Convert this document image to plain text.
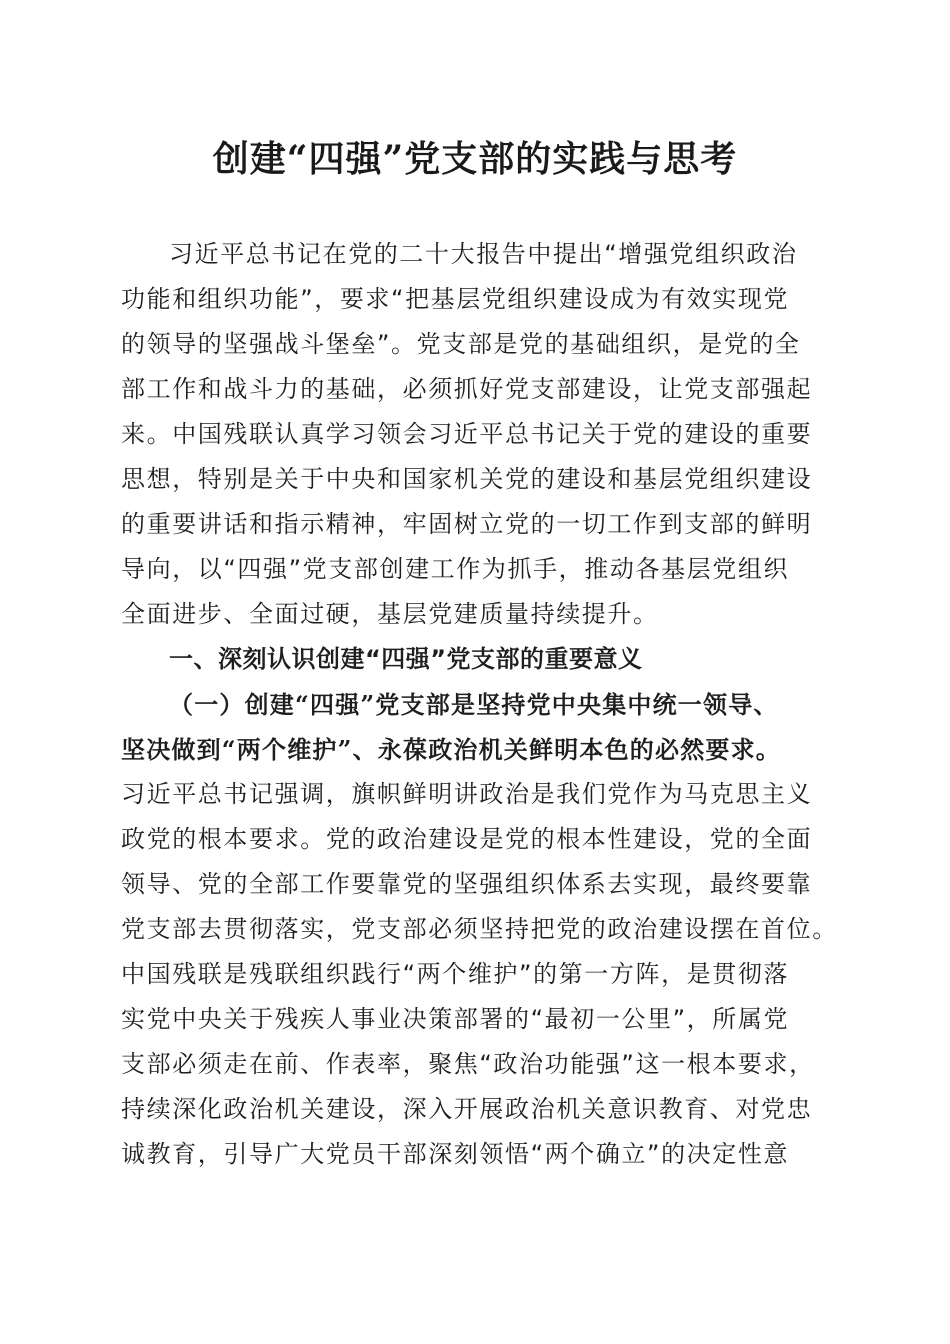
创建“四强”党支部的实践与思考
习近平总书记在党的二十大报告中提出“增强党组织政治
功能和组织功能”，要求“把基层党组织建设成为有效实现党
的领导的坚强战斗堡垒”。党支部是党的基础组织，是党的全
部工作和战斗力的基础，必须抓好党支部建设，让党支部强起
来。中国残联认真学习领会习近平总书记关于党的建设的重要
思想，特别是关于中央和国家机关党的建设和基层党组织建设
的重要讲话和指示精神，牢固树立党的一切工作到支部的鲜明
导向，以“四强”党支部创建工作为抓手，推动各基层党组织
全面进步、全面过硬，基层党建质量持续提升。
一、深刻认识创建“四强”党支部的重要意义
（一）创建“四强”党支部是坚持党中央集中统一领导、
坚决做到“两个维护”、永葆政治机关鲜明本色的必然要求。
习近平总书记强调，旗帜鲜明讲政治是我们党作为马克思主义
政党的根本要求。党的政治建设是党的根本性建设，党的全面
领导、党的全部工作要靠党的坚强组织体系去实现，最终要靠
党支部去贯彻落实，党支部必须坚持把党的政治建设摆在首位。
中国残联是残联组织践行“两个维护”的第一方阵，是贯彻落
实党中央关于残疾人事业决策部署的“最初一公里”，所属党
支部必须走在前、作表率，聚焦“政治功能强”这一根本要求，
持续深化政治机关建设，深入开展政治机关意识教育、对党忠
诚教育，引导广大党员干部深刻领悟“两个确立”的决定性意
